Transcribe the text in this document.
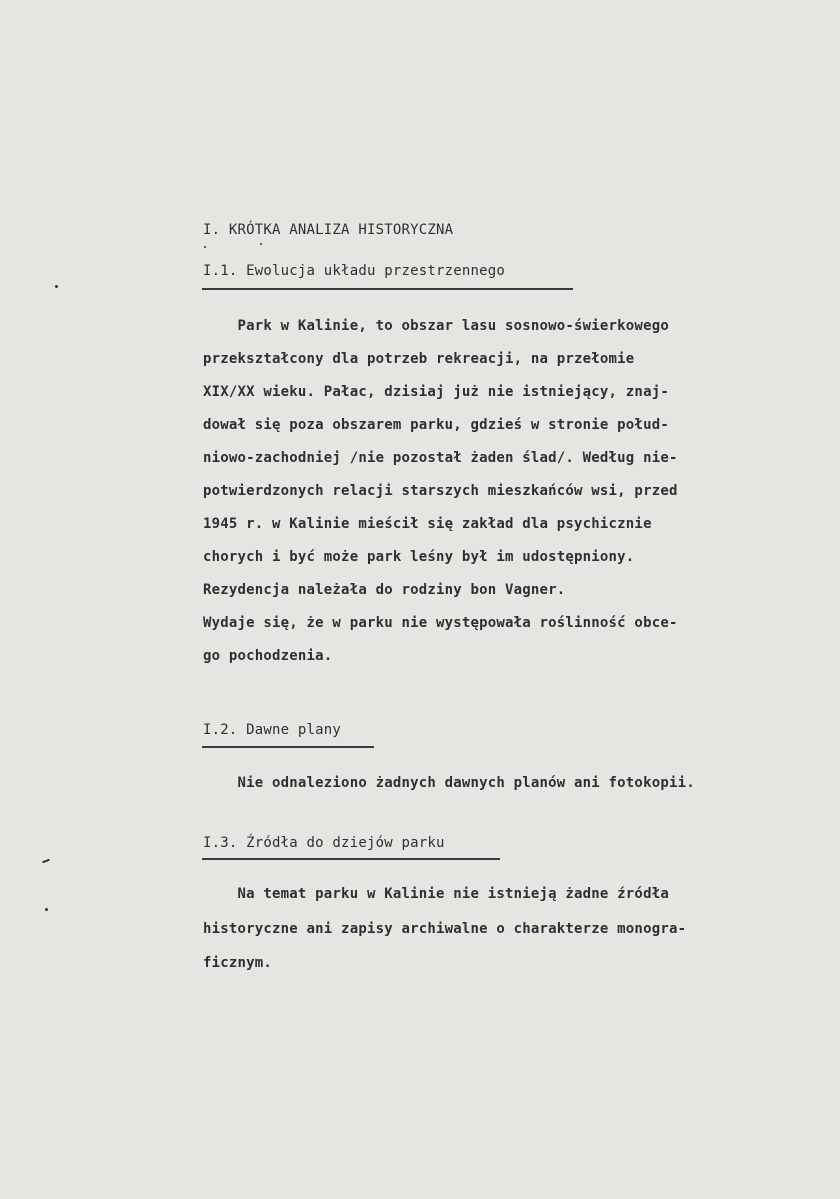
I. KRÓTKA ANALIZA HISTORYCZNA
I.1. Ewolucja układu przestrzennego
Park w Kalinie, to obszar lasu sosnowo-świerkowego
przekształcony dla potrzeb rekreacji, na przełomie
XIX/XX wieku. Pałac, dzisiaj już nie istniejący, znaj-
dował się poza obszarem parku, gdzieś w stronie połud-
niowo-zachodniej /nie pozostał żaden ślad/. Według nie-
potwierdzonych relacji starszych mieszkańców wsi, przed
1945 r. w Kalinie mieścił się zakład dla psychicznie
chorych i być może park leśny był im udostępniony.
Rezydencja należała do rodziny bon Vagner.
Wydaje się, że w parku nie występowała roślinność obce-
go pochodzenia.
I.2. Dawne plany
Nie odnaleziono żadnych dawnych planów ani fotokopii.
I.3. Źródła do dziejów parku
Na temat parku w Kalinie nie istnieją żadne źródła
historyczne ani zapisy archiwalne o charakterze monogra-
ficznym.
